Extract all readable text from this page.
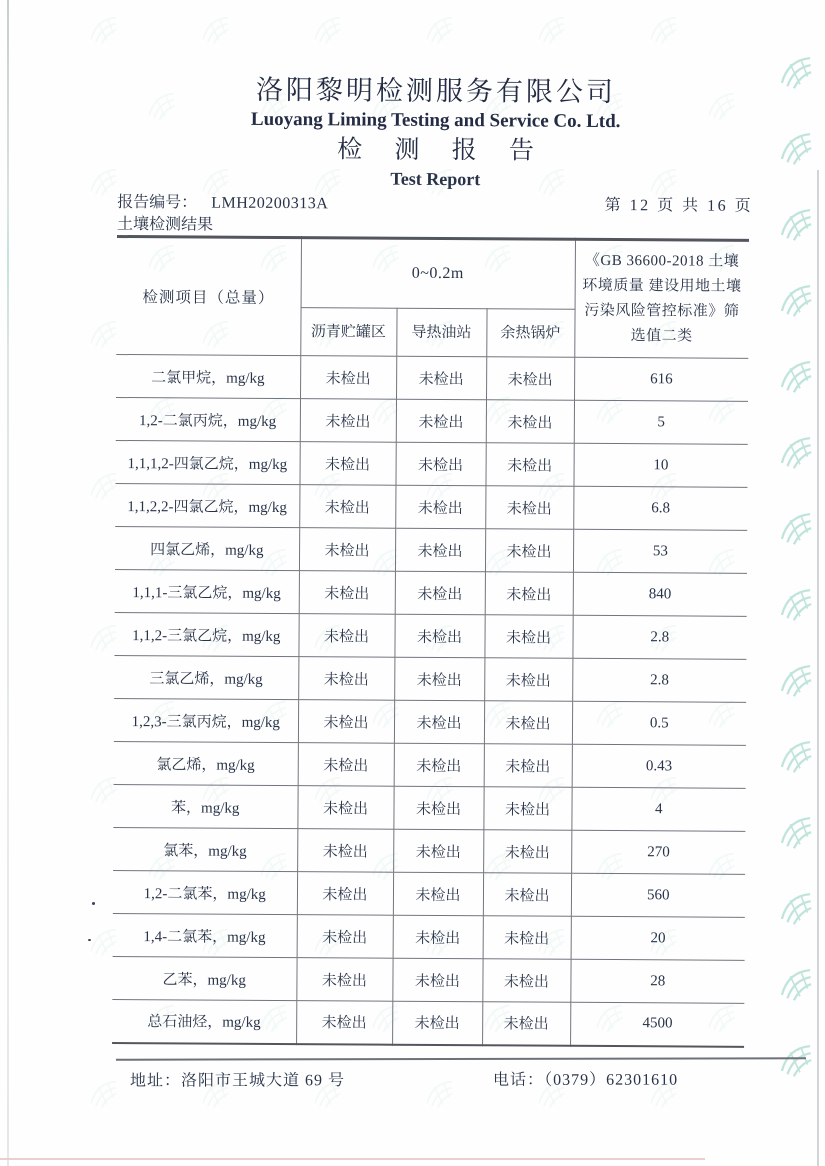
洛阳黎明检测服务有限公司
Luoyang Liming Testing and Service Co. Ltd.
检 测 报 告
Test Report
报告编号： LMH20200313A	第 12 页 共 16 页
土壤检测结果
检测项目（总量）	0~0.2m			《GB 36600-2018 土壤环境质量 建设用地土壤污染风险管控标准》筛选值二类
	沥青贮罐区	导热油站	余热锅炉	
二氯甲烷，mg/kg	未检出	未检出	未检出	616
1,2-二氯丙烷，mg/kg	未检出	未检出	未检出	5
1,1,1,2-四氯乙烷，mg/kg	未检出	未检出	未检出	10
1,1,2,2-四氯乙烷，mg/kg	未检出	未检出	未检出	6.8
四氯乙烯，mg/kg	未检出	未检出	未检出	53
1,1,1-三氯乙烷，mg/kg	未检出	未检出	未检出	840
1,1,2-三氯乙烷，mg/kg	未检出	未检出	未检出	2.8
三氯乙烯，mg/kg	未检出	未检出	未检出	2.8
1,2,3-三氯丙烷，mg/kg	未检出	未检出	未检出	0.5
氯乙烯，mg/kg	未检出	未检出	未检出	0.43
苯，mg/kg	未检出	未检出	未检出	4
氯苯，mg/kg	未检出	未检出	未检出	270
1,2-二氯苯，mg/kg	未检出	未检出	未检出	560
1,4-二氯苯，mg/kg	未检出	未检出	未检出	20
乙苯，mg/kg	未检出	未检出	未检出	28
总石油烃，mg/kg	未检出	未检出	未检出	4500
地址：洛阳市王城大道 69 号	电话：（0379）62301610
